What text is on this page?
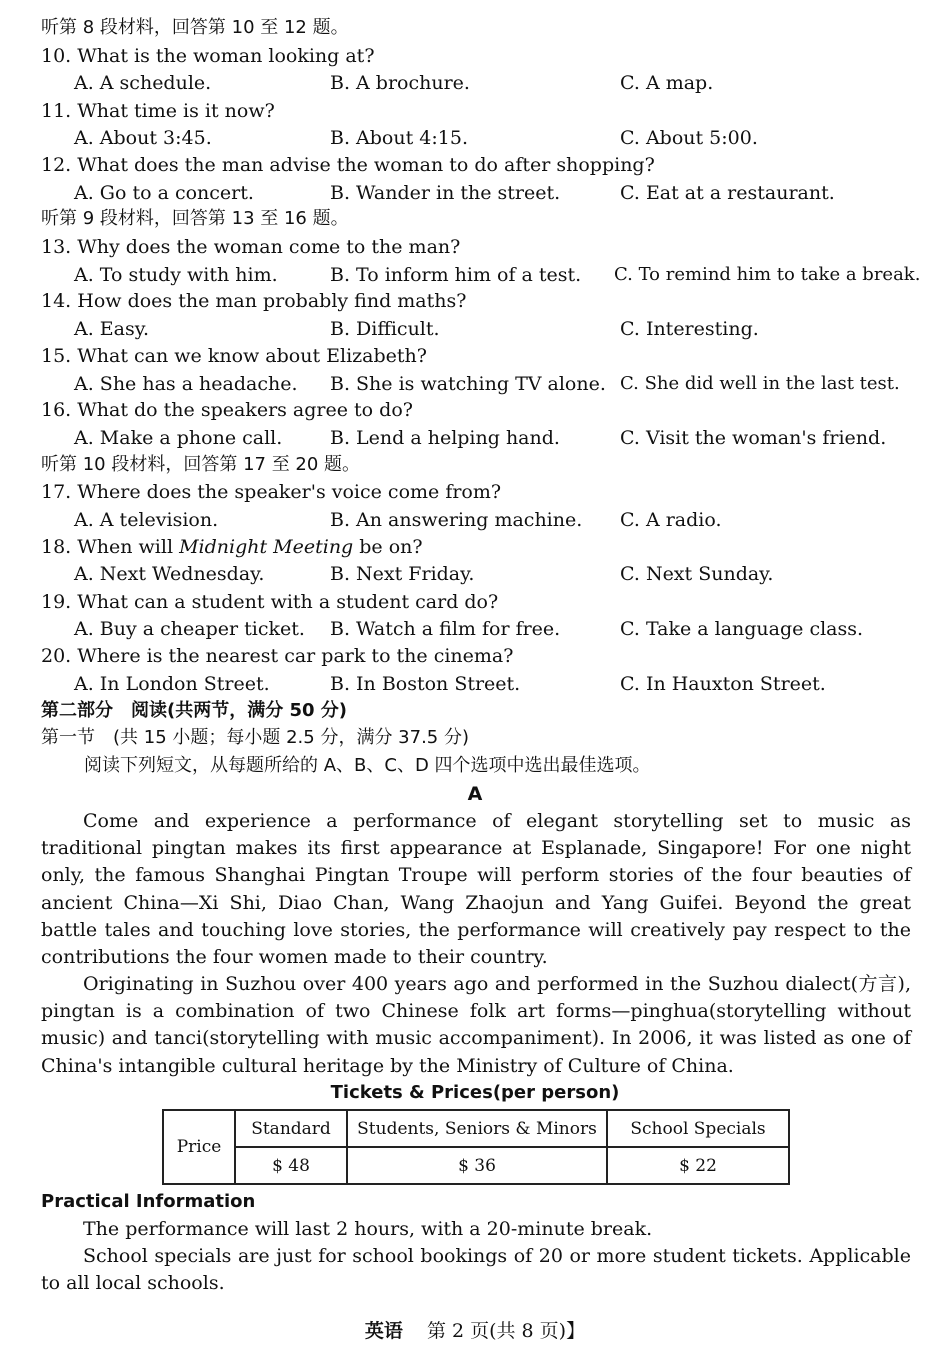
听第 8 段材料，回答第 10 至 12 题。
10. What is the woman looking at?
A. A schedule.	B. A brochure.	C. A map.
11. What time is it now?
A. About 3:45.	B. About 4:15.	C. About 5:00.
12. What does the man advise the woman to do after shopping?
A. Go to a concert.	B. Wander in the street.	C. Eat at a restaurant.
听第 9 段材料，回答第 13 至 16 题。
13. Why does the woman come to the man?
A. To study with him.	B. To inform him of a test. C. To remind him to take a break.
14. How does the man probably find maths?
A. Easy.	B. Difficult.	C. Interesting.
15. What can we know about Elizabeth?
A. She has a headache. B. She is watching TV alone. C. She did well in the last test.
16. What do the speakers agree to do?
A. Make a phone call.	B. Lend a helping hand.	C. Visit the woman's friend.
听第 10 段材料，回答第 17 至 20 题。
17. Where does the speaker's voice come from?
A. A television.	B. An answering machine. C. A radio.
18. When will Midnight Meeting be on?
A. Next Wednesday.	B. Next Friday.	C. Next Sunday.
19. What can a student with a student card do?
A. Buy a cheaper ticket. B. Watch a film for free.	C. Take a language class.
20. Where is the nearest car park to the cinema?
A. In London Street.	B. In Boston Street.	C. In Hauxton Street.
第二部分　阅读(共两节，满分 50 分)
第一节　(共 15 小题；每小题 2.5 分，满分 37.5 分)
阅读下列短文，从每题所给的 A、B、C、D 四个选项中选出最佳选项。
A
Come and experience a performance of elegant storytelling set to music as traditional pingtan makes its first appearance at Esplanade, Singapore! For one night only, the famous Shanghai Pingtan Troupe will perform stories of the four beauties of ancient China—Xi Shi, Diao Chan, Wang Zhaojun and Yang Guifei. Beyond the great battle tales and touching love stories, the performance will creatively pay respect to the contributions the four women made to their country.
Originating in Suzhou over 400 years ago and performed in the Suzhou dialect(方言), pingtan is a combination of two Chinese folk art forms—pinghua(storytelling without music) and tanci(storytelling with music accompaniment). In 2006, it was listed as one of China's intangible cultural heritage by the Ministry of Culture of China.
Tickets & Prices(per person)
Price	Standard	Students, Seniors & Minors	School Specials
	$ 48	$ 36	$ 22
Practical Information
The performance will last 2 hours, with a 20-minute break.
School specials are just for school bookings of 20 or more student tickets. Applicable to all local schools.
英语 第 2 页(共 8 页)】
